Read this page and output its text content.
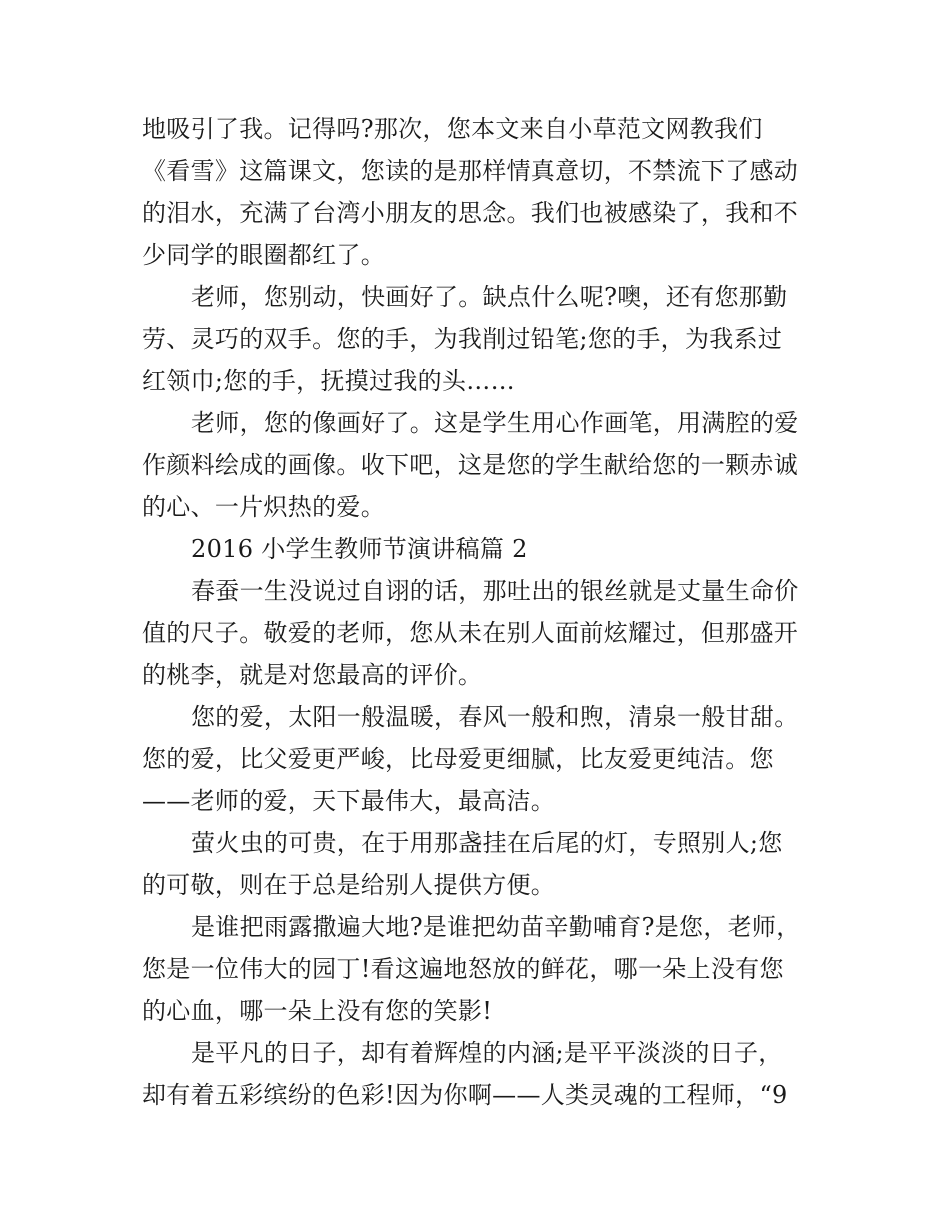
地吸引了我。记得吗?那次，您本文来自小草范文网教我们
《看雪》这篇课文，您读的是那样情真意切，不禁流下了感动
的泪水，充满了台湾小朋友的思念。我们也被感染了，我和不
少同学的眼圈都红了。
老师，您别动，快画好了。缺点什么呢?噢，还有您那勤
劳、灵巧的双手。您的手，为我削过铅笔;您的手，为我系过
红领巾;您的手，抚摸过我的头……
老师，您的像画好了。这是学生用心作画笔，用满腔的爱
作颜料绘成的画像。收下吧，这是您的学生献给您的一颗赤诚
的心、一片炽热的爱。
2016 小学生教师节演讲稿篇 2
春蚕一生没说过自诩的话，那吐出的银丝就是丈量生命价
值的尺子。敬爱的老师，您从未在别人面前炫耀过，但那盛开
的桃李，就是对您最高的评价。
您的爱，太阳一般温暖，春风一般和煦，清泉一般甘甜。
您的爱，比父爱更严峻，比母爱更细腻，比友爱更纯洁。您
——老师的爱，天下最伟大，最高洁。
萤火虫的可贵，在于用那盏挂在后尾的灯，专照别人;您
的可敬，则在于总是给别人提供方便。
是谁把雨露撒遍大地?是谁把幼苗辛勤哺育?是您，老师，
您是一位伟大的园丁!看这遍地怒放的鲜花，哪一朵上没有您
的心血，哪一朵上没有您的笑影!
是平凡的日子，却有着辉煌的内涵;是平平淡淡的日子，
却有着五彩缤纷的色彩!因为你啊——人类灵魂的工程师，“9
